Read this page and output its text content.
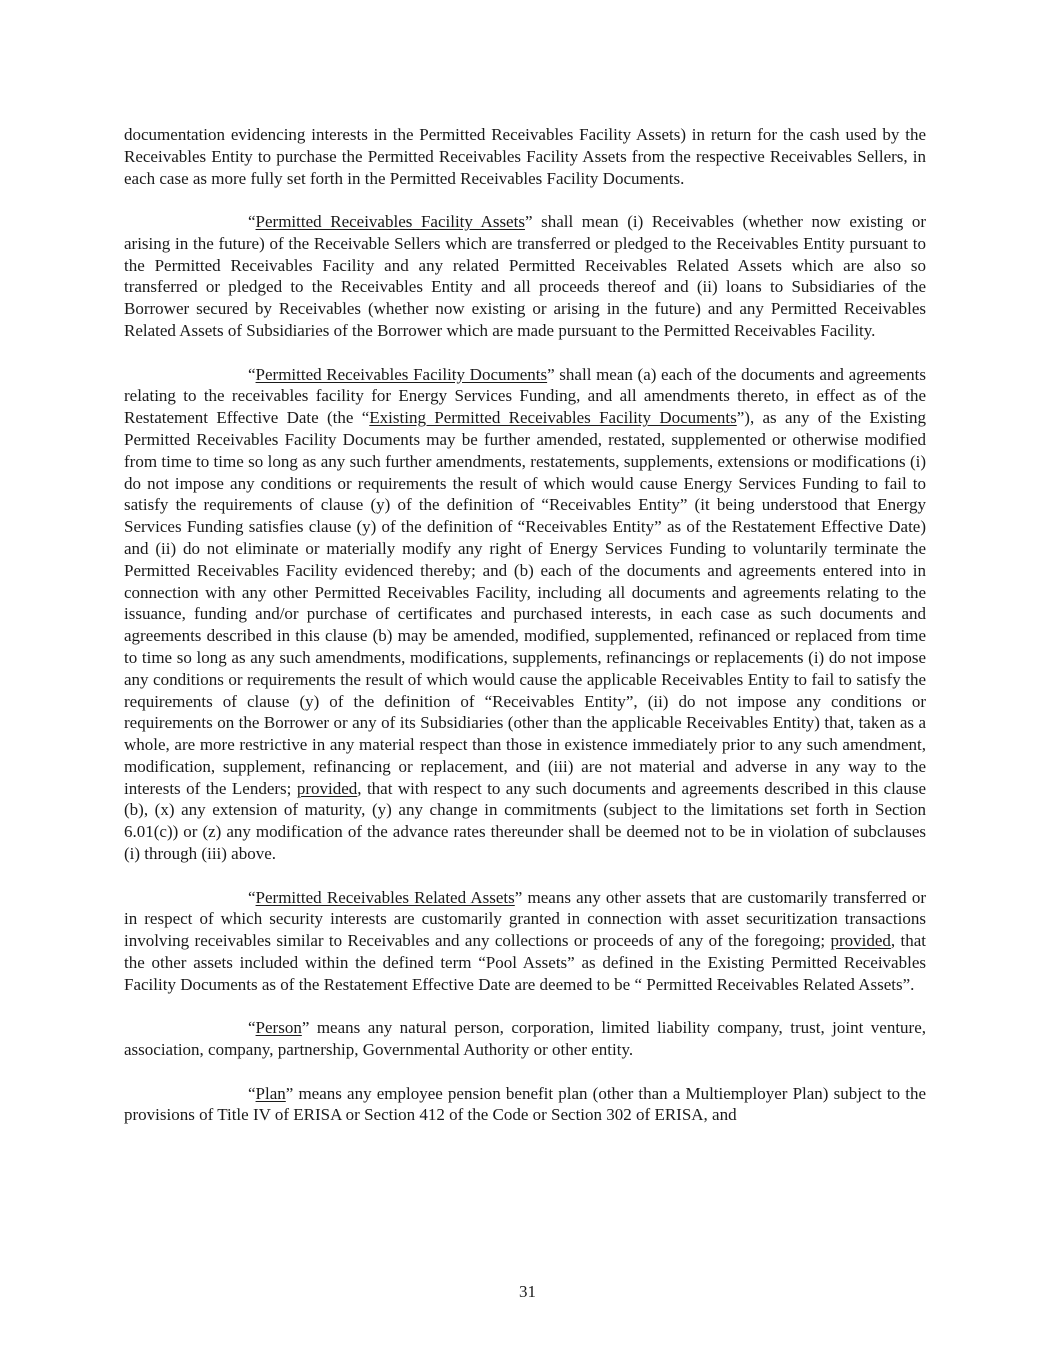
documentation evidencing interests in the Permitted Receivables Facility Assets) in return for the cash used by the Receivables Entity to purchase the Permitted Receivables Facility Assets from the respective Receivables Sellers, in each case as more fully set forth in the Permitted Receivables Facility Documents.

“Permitted Receivables Facility Assets” shall mean (i) Receivables (whether now existing or arising in the future) of the Receivable Sellers which are transferred or pledged to the Receivables Entity pursuant to the Permitted Receivables Facility and any related Permitted Receivables Related Assets which are also so transferred or pledged to the Receivables Entity and all proceeds thereof and (ii) loans to Subsidiaries of the Borrower secured by Receivables (whether now existing or arising in the future) and any Permitted Receivables Related Assets of Subsidiaries of the Borrower which are made pursuant to the Permitted Receivables Facility.

“Permitted Receivables Facility Documents” shall mean (a) each of the documents and agreements relating to the receivables facility for Energy Services Funding, and all amendments thereto, in effect as of the Restatement Effective Date (the “Existing Permitted Receivables Facility Documents”), as any of the Existing Permitted Receivables Facility Documents may be further amended, restated, supplemented or otherwise modified from time to time so long as any such further amendments, restatements, supplements, extensions or modifications (i) do not impose any conditions or requirements the result of which would cause Energy Services Funding to fail to satisfy the requirements of clause (y) of the definition of “Receivables Entity” (it being understood that Energy Services Funding satisfies clause (y) of the definition of “Receivables Entity” as of the Restatement Effective Date) and (ii) do not eliminate or materially modify any right of Energy Services Funding to voluntarily terminate the Permitted Receivables Facility evidenced thereby; and (b) each of the documents and agreements entered into in connection with any other Permitted Receivables Facility, including all documents and agreements relating to the issuance, funding and/or purchase of certificates and purchased interests, in each case as such documents and agreements described in this clause (b) may be amended, modified, supplemented, refinanced or replaced from time to time so long as any such amendments, modifications, supplements, refinancings or replacements (i) do not impose any conditions or requirements the result of which would cause the applicable Receivables Entity to fail to satisfy the requirements of clause (y) of the definition of “Receivables Entity”, (ii) do not impose any conditions or requirements on the Borrower or any of its Subsidiaries (other than the applicable Receivables Entity) that, taken as a whole, are more restrictive in any material respect than those in existence immediately prior to any such amendment, modification, supplement, refinancing or replacement, and (iii) are not material and adverse in any way to the interests of the Lenders; provided, that with respect to any such documents and agreements described in this clause (b), (x) any extension of maturity, (y) any change in commitments (subject to the limitations set forth in Section 6.01(c)) or (z) any modification of the advance rates thereunder shall be deemed not to be in violation of subclauses (i) through (iii) above.

“Permitted Receivables Related Assets” means any other assets that are customarily transferred or in respect of which security interests are customarily granted in connection with asset securitization transactions involving receivables similar to Receivables and any collections or proceeds of any of the foregoing; provided, that the other assets included within the defined term “Pool Assets” as defined in the Existing Permitted Receivables Facility Documents as of the Restatement Effective Date are deemed to be “ Permitted Receivables Related Assets”.

“Person” means any natural person, corporation, limited liability company, trust, joint venture, association, company, partnership, Governmental Authority or other entity.

“Plan” means any employee pension benefit plan (other than a Multiemployer Plan) subject to the provisions of Title IV of ERISA or Section 412 of the Code or Section 302 of ERISA, and

31
